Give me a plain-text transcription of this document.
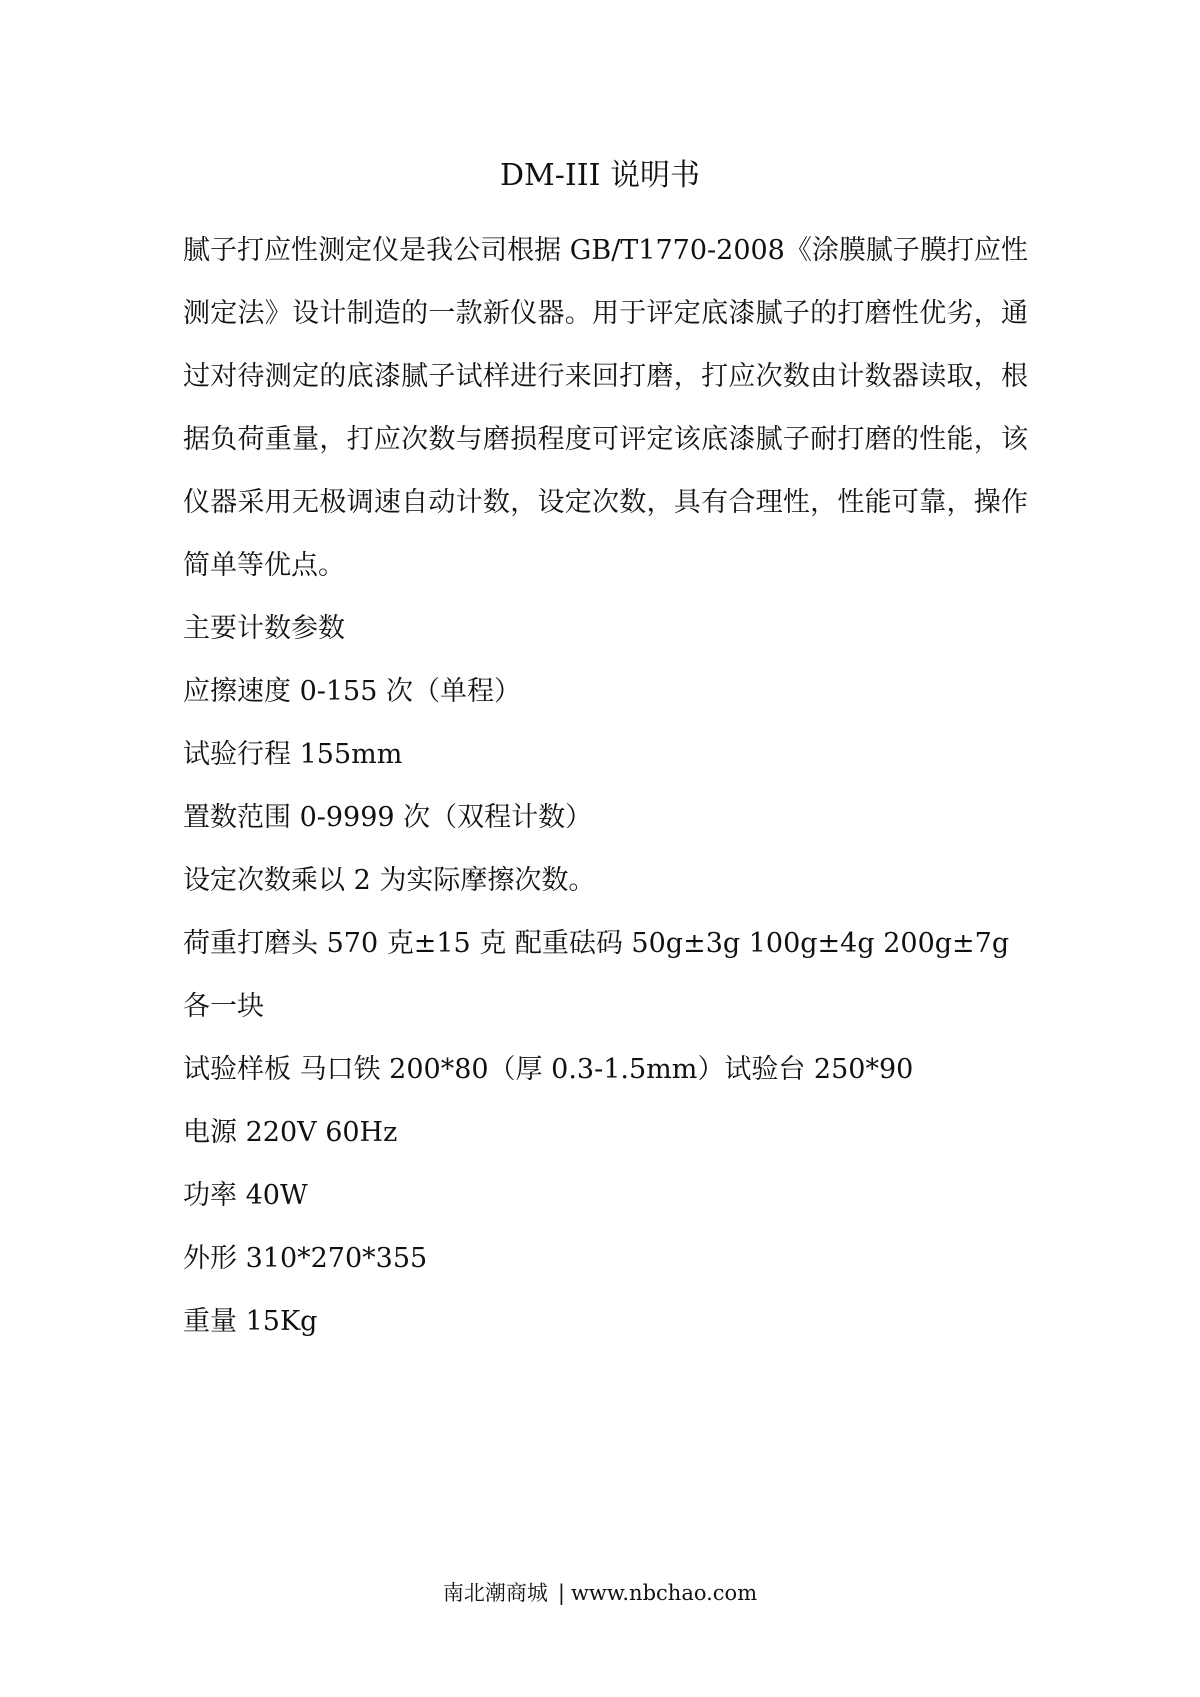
DM-III 说明书

腻子打应性测定仪是我公司根据 GB/T1770-2008《涂膜腻子膜打应性测定法》设计制造的一款新仪器。用于评定底漆腻子的打磨性优劣，通过对待测定的底漆腻子试样进行来回打磨，打应次数由计数器读取，根据负荷重量，打应次数与磨损程度可评定该底漆腻子耐打磨的性能，该仪器采用无极调速自动计数，设定次数，具有合理性，性能可靠，操作简单等优点。

主要计数参数

应擦速度 0-155 次（单程）

试验行程 155mm

置数范围 0-9999 次（双程计数）

设定次数乘以 2 为实际摩擦次数。

荷重打磨头 570 克±15 克 配重砝码 50g±3g 100g±4g 200g±7g 各一块

试验样板 马口铁 200*80（厚 0.3-1.5mm）试验台 250*90

电源 220V 60Hz

功率 40W

外形 310*270*355

重量 15Kg

南北潮商城 | www.nbchao.com
